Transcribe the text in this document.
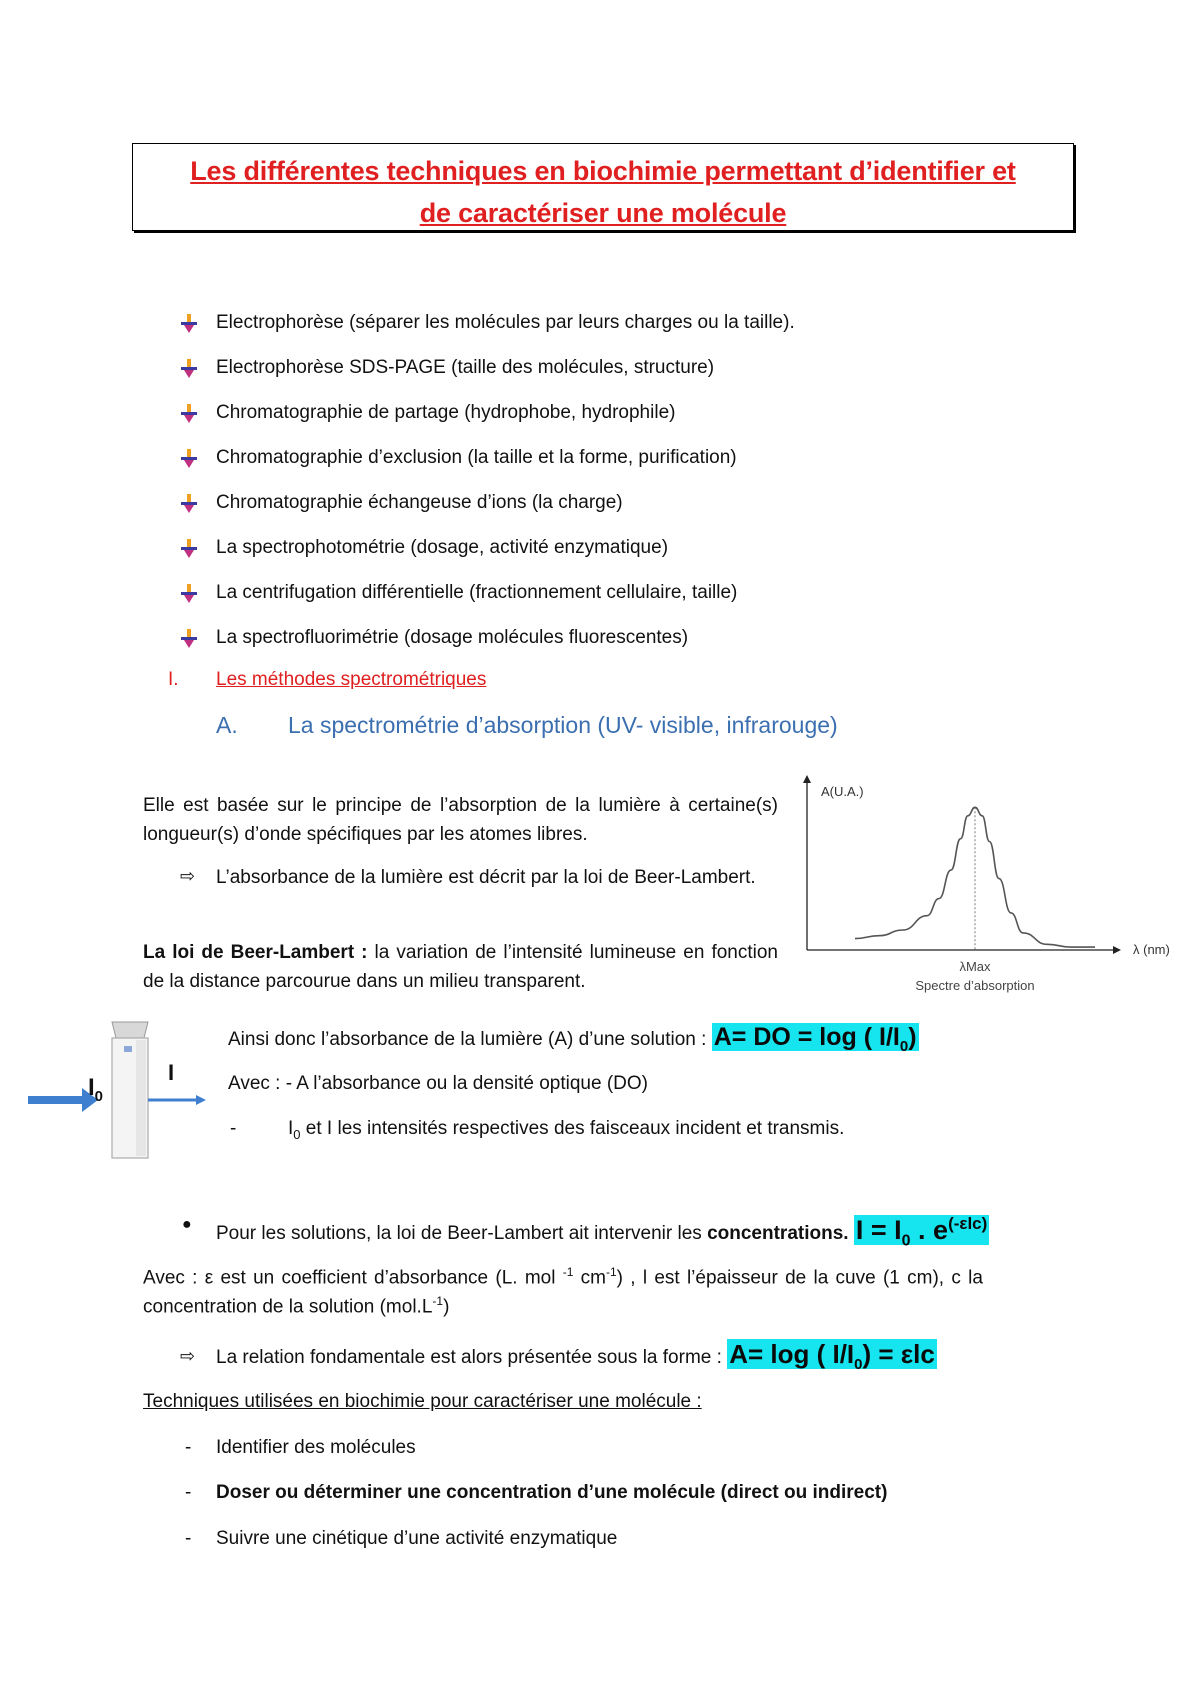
Les différentes techniques en biochimie permettant d’identifier et
de caractériser une molécule
Electrophorèse (séparer les molécules par leurs charges ou la taille).
Electrophorèse SDS-PAGE (taille des molécules, structure)
Chromatographie de partage (hydrophobe, hydrophile)
Chromatographie d’exclusion (la taille et la forme, purification)
Chromatographie échangeuse d’ions (la charge)
La spectrophotométrie (dosage, activité enzymatique)
La centrifugation différentielle (fractionnement cellulaire, taille)
La spectrofluorimétrie (dosage molécules fluorescentes)
I. Les méthodes spectrométriques
A. La spectrométrie d’absorption (UV- visible, infrarouge)
Elle est basée sur le principe de l’absorption de la lumière à certaine(s) longueur(s) d’onde spécifiques par les atomes libres.
⇨ L’absorbance de la lumière est décrit par la loi de Beer-Lambert.
La loi de Beer-Lambert : la variation de l’intensité lumineuse en fonction de la distance parcourue dans un milieu transparent.
A(U.A.)
λ (nm)
λMax
Spectre d’absorption
$I_0$
I
Ainsi donc l’absorbance de la lumière (A) d’une solution : A= DO = log ( $I/I_0$)
Avec : - A l’absorbance ou la densité optique (DO)
-	$I_0$ et I les intensités respectives des faisceaux incident et transmis.
● Pour les solutions, la loi de Beer-Lambert ait intervenir les concentrations. $I = I_0$ . $e^{(-\varepsilon lc)}$
Avec : ε est un coefficient d’absorbance (L. mol $^{-1}$ $cm^{-1}$) , l est l’épaisseur de la cuve (1 cm), c la
concentration de la solution $(mol.L^{-1})$
⇨ La relation fondamentale est alors présentée sous la forme : A= log ( $I/I_0) = \varepsilon lc$
Techniques utilisées en biochimie pour caractériser une molécule :
- Identifier des molécules
- Doser ou déterminer une concentration d’une molécule (direct ou indirect)
- Suivre une cinétique d’une activité enzymatique
